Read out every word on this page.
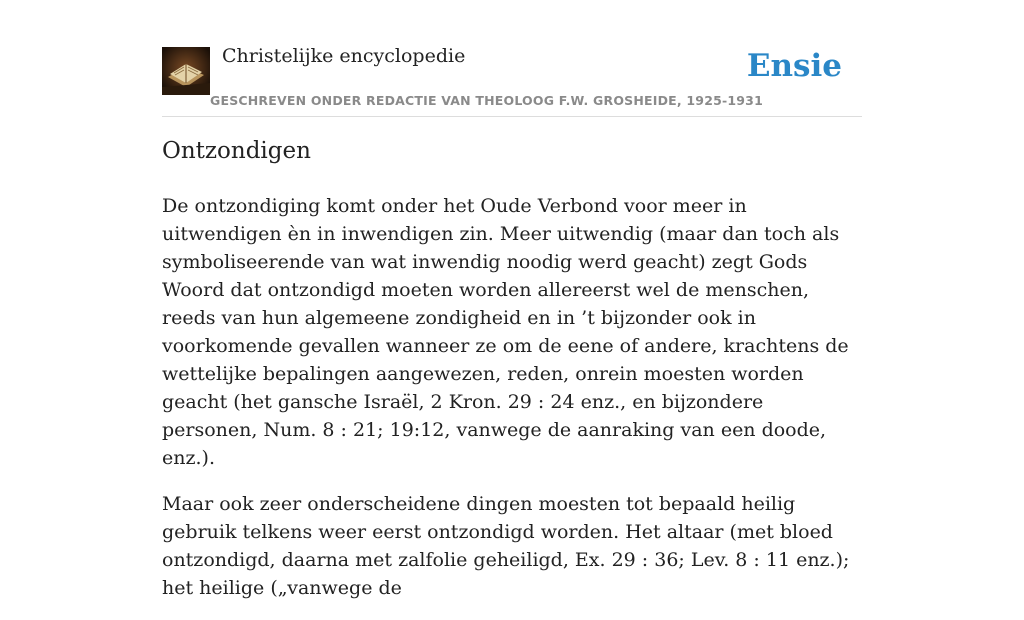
Christelijke encyclopedie
GESCHREVEN ONDER REDACTIE VAN THEOLOOG F.W. GROSHEIDE, 1925-1931
Ensie
Ontzondigen

De ontzondiging komt onder het Oude Verbond voor meer in uitwendigen èn in inwendigen zin. Meer uitwendig (maar dan toch als symboliseerende van wat inwendig noodig werd geacht) zegt Gods Woord dat ontzondigd moeten worden allereerst wel de menschen, reeds van hun algemeene zondigheid en in ’t bijzonder ook in voorkomende gevallen wanneer ze om de eene of andere, krachtens de wettelijke bepalingen aangewezen, reden, onrein moesten worden geacht (het gansche Israël, 2 Kron. 29 : 24 enz., en bijzondere personen, Num. 8 : 21; 19:12, vanwege de aanraking van een doode, enz.).

Maar ook zeer onderscheidene dingen moesten tot bepaald heilig gebruik telkens weer eerst ontzondigd worden. Het altaar (met bloed ontzondigd, daarna met zalfolie geheiligd, Ex. 29 : 36; Lev. 8 : 11 enz.); het heilige („vanwege de
